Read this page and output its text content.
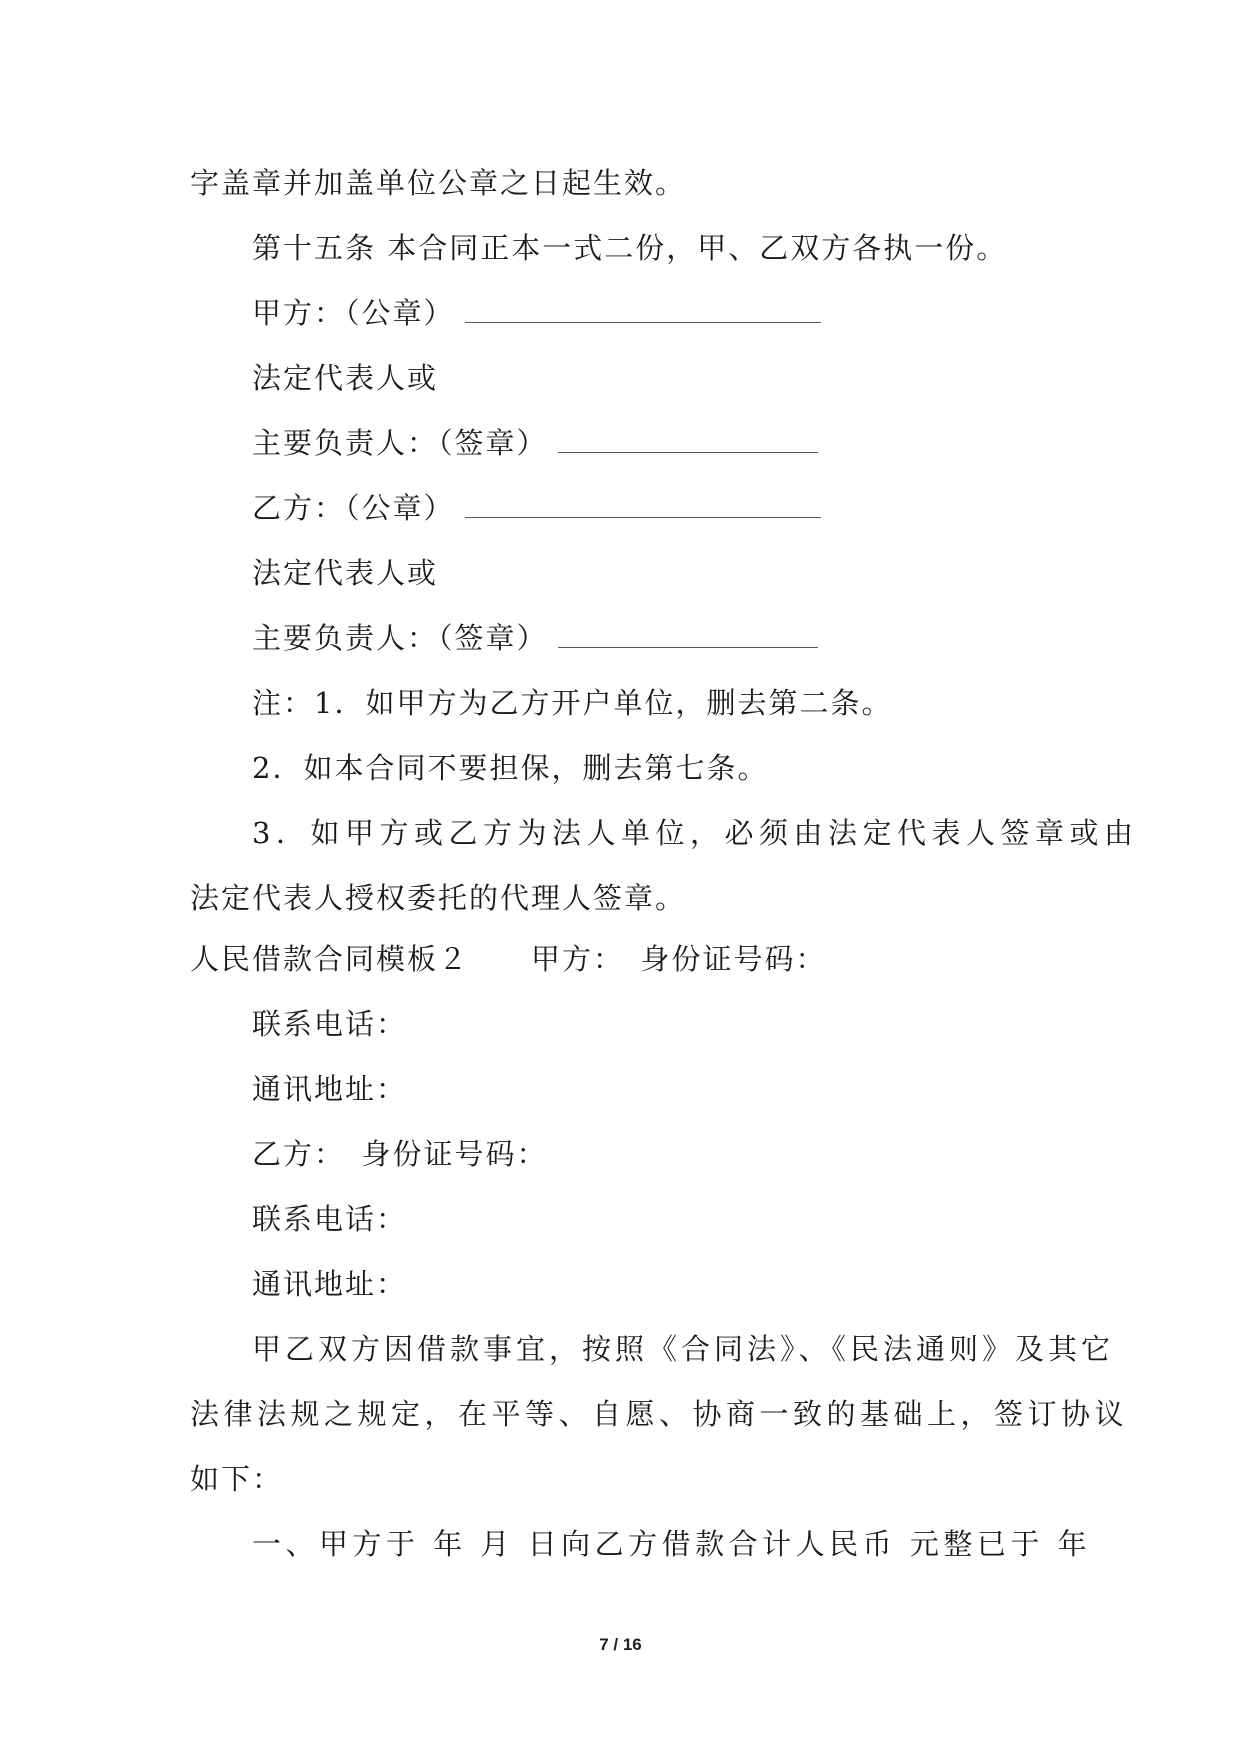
字盖章并加盖单位公章之日起生效。
第十五条 本合同正本一式二份，甲、乙双方各执一份。
甲方：（公章）
法定代表人或
主要负责人：（签章）
乙方：（公章）
法定代表人或
主要负责人：（签章）
注：1．如甲方为乙方开户单位，删去第二条。
2．如本合同不要担保，删去第七条。
3．如甲方或乙方为法人单位，必须由法定代表人签章或由
法定代表人授权委托的代理人签章。
人民借款合同模板２　　甲方：　身份证号码：
联系电话：
通讯地址：
乙方：　身份证号码：
联系电话：
通讯地址：
甲乙双方因借款事宜，按照《合同法》、《民法通则》及其它
法律法规之规定，在平等、自愿、协商一致的基础上，签订协议
如下：
一、甲方于 年 月 日向乙方借款合计人民币 元整已于 年
7 / 16
